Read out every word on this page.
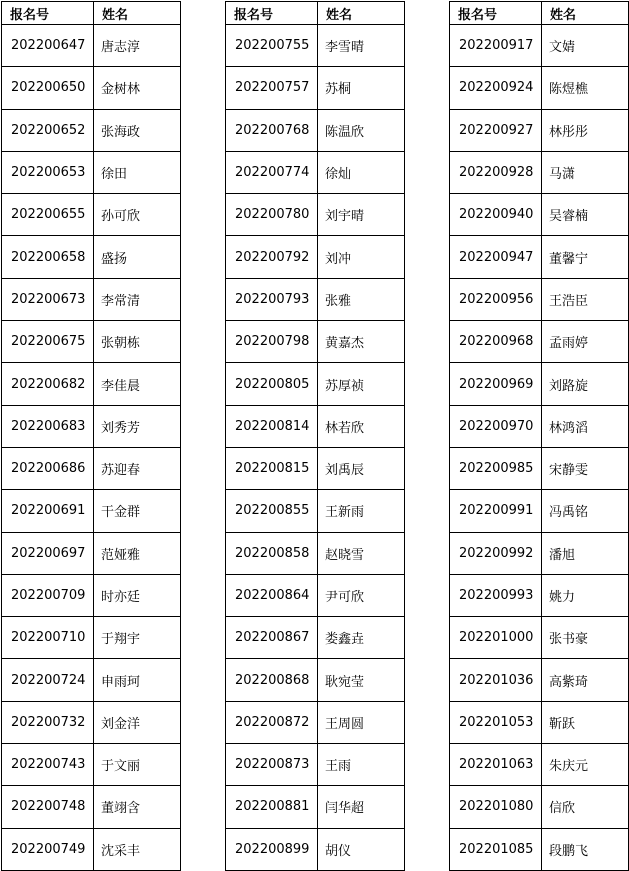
报名号	姓名
202200647	唐志淳
202200650	金树林
202200652	张海政
202200653	徐田
202200655	孙可欣
202200658	盛扬
202200673	李常清
202200675	张朝栋
202200682	李佳晨
202200683	刘秀芳
202200686	苏迎春
202200691	干金群
202200697	范娅雅
202200709	时亦廷
202200710	于翔宇
202200724	申雨珂
202200732	刘金洋
202200743	于文丽
202200748	董翊含
202200749	沈采丰
报名号	姓名
202200755	李雪晴
202200757	苏桐
202200768	陈温欣
202200774	徐灿
202200780	刘宇晴
202200792	刘冲
202200793	张雅
202200798	黄嘉杰
202200805	苏厚祯
202200814	林若欣
202200815	刘禹辰
202200855	王新雨
202200858	赵晓雪
202200864	尹可欣
202200867	娄鑫垚
202200868	耿宛莹
202200872	王周圆
202200873	王雨
202200881	闫华超
202200899	胡仪
报名号	姓名
202200917	文婧
202200924	陈煜樵
202200927	林彤彤
202200928	马潇
202200940	吴睿楠
202200947	董馨宁
202200956	王浩臣
202200968	孟雨婷
202200969	刘路旋
202200970	林鸿滔
202200985	宋静雯
202200991	冯禹铭
202200992	潘旭
202200993	姚力
202201000	张书豪
202201036	高紫琦
202201053	靳跃
202201063	朱庆元
202201080	信欣
202201085	段鹏飞
